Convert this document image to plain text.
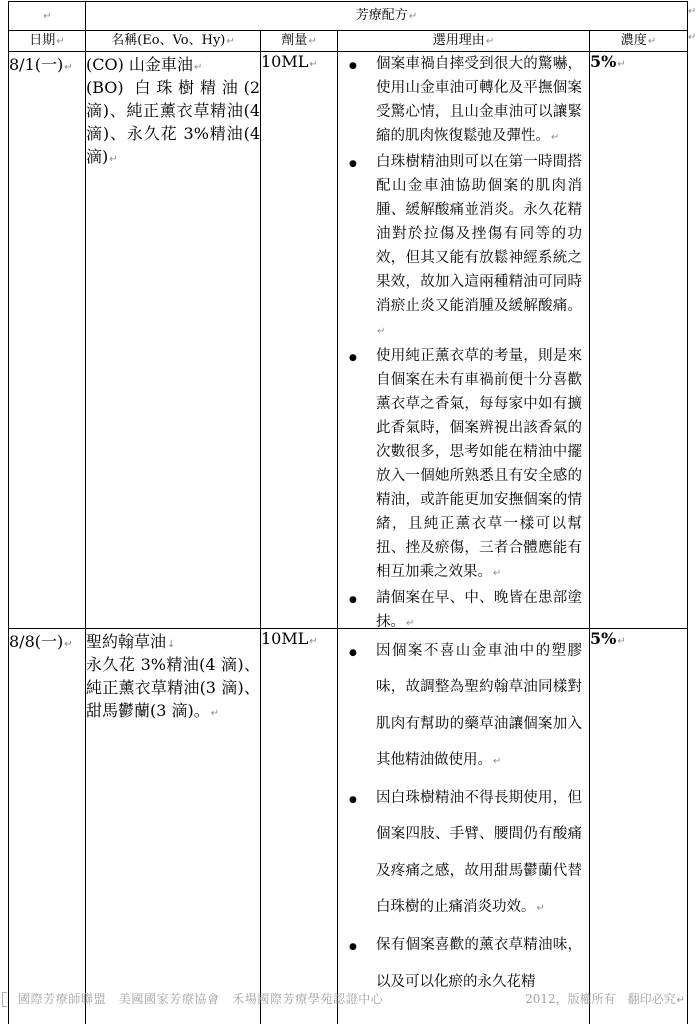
↵	芳療配方↵	↵
日期↵	名稱(Eo、Vo、Hy)↵	劑量↵	選用理由↵	濃度↵	↵
8/1(一)↵ (CO) 山金車油↵
(BO) 白珠樹精油(2 滴)、純正薰衣草精油(4 滴)、永久花 3%精油(4 滴)↵
10ML↵
●	個案車禍自摔受到很大的驚嚇，使用山金車油可轉化及平撫個案受驚心情，且山金車油可以讓緊縮的肌肉恢復鬆弛及彈性。↵
●
白珠樹精油則可以在第一時間搭配山金車油協助個案的肌肉消腫、緩解酸痛並消炎。永久花精油對於拉傷及挫傷有同等的功效，但其又能有放鬆神經系統之果效，故加入這兩種精油可同時消瘀止炎又能消腫及緩解酸痛。↵
●
使用純正薰衣草的考量，則是來自個案在未有車禍前便十分喜歡薰衣草之香氣，每每家中如有擴此香氣時，個案辨視出該香氣的次數很多，思考如能在精油中擺放入一個她所熟悉且有安全感的精油，或許能更加安撫個案的情緒，且純正薰衣草一樣可以幫扭、挫及瘀傷，三者合體應能有相互加乘之效果。↵
●
請個案在早、中、晚皆在患部塗抹。↵
5%↵
8/8(一)↵ 聖約翰草油↓
永久花 3%精油(4 滴)、純正薰衣草精油(3 滴)、甜馬鬱蘭(3 滴)。↵
10ML↵
●
因個案不喜山金車油中的塑膠味，故調整為聖約翰草油同樣對肌肉有幫助的藥草油讓個案加入其他精油做使用。↵
●
因白珠樹精油不得長期使用，但個案四肢、手臂、腰間仍有酸痛及疼痛之感，故用甜馬鬱蘭代替白珠樹的止痛消炎功效。↵
●
保有個案喜歡的薰衣草精油味，以及可以化瘀的永久花精
5%↵
國際芳療師聯盟　美國國家芳療協會　禾場國際芳療學苑認證中心	2012，版權所有　翻印必究↵
